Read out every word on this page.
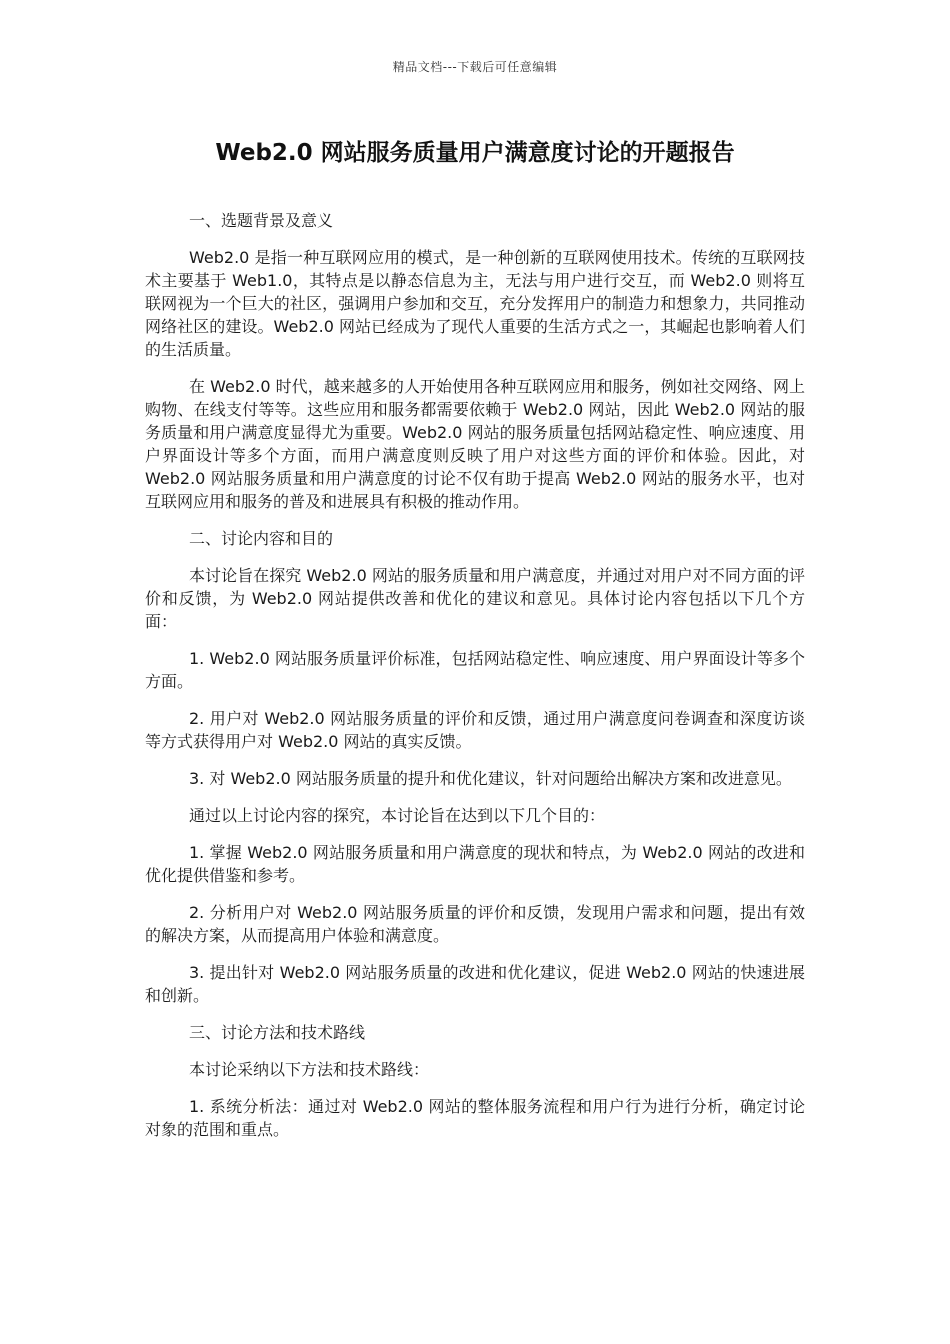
精品文档---下载后可任意编辑
Web2.0 网站服务质量用户满意度讨论的开题报告

一、选题背景及意义

Web2.0 是指一种互联网应用的模式，是一种创新的互联网使用技术。传统的互联网技术主要基于 Web1.0，其特点是以静态信息为主，无法与用户进行交互，而 Web2.0 则将互联网视为一个巨大的社区，强调用户参加和交互，充分发挥用户的制造力和想象力，共同推动网络社区的建设。Web2.0 网站已经成为了现代人重要的生活方式之一，其崛起也影响着人们的生活质量。

在 Web2.0 时代，越来越多的人开始使用各种互联网应用和服务，例如社交网络、网上购物、在线支付等等。这些应用和服务都需要依赖于 Web2.0 网站，因此 Web2.0 网站的服务质量和用户满意度显得尤为重要。Web2.0 网站的服务质量包括网站稳定性、响应速度、用户界面设计等多个方面，而用户满意度则反映了用户对这些方面的评价和体验。因此，对 Web2.0 网站服务质量和用户满意度的讨论不仅有助于提高 Web2.0 网站的服务水平，也对互联网应用和服务的普及和进展具有积极的推动作用。

二、讨论内容和目的

本讨论旨在探究 Web2.0 网站的服务质量和用户满意度，并通过对用户对不同方面的评价和反馈，为 Web2.0 网站提供改善和优化的建议和意见。具体讨论内容包括以下几个方面：

1. Web2.0 网站服务质量评价标准，包括网站稳定性、响应速度、用户界面设计等多个方面。

2. 用户对 Web2.0 网站服务质量的评价和反馈，通过用户满意度问卷调查和深度访谈等方式获得用户对 Web2.0 网站的真实反馈。

3. 对 Web2.0 网站服务质量的提升和优化建议，针对问题给出解决方案和改进意见。

通过以上讨论内容的探究，本讨论旨在达到以下几个目的：

1. 掌握 Web2.0 网站服务质量和用户满意度的现状和特点，为 Web2.0 网站的改进和优化提供借鉴和参考。

2. 分析用户对 Web2.0 网站服务质量的评价和反馈，发现用户需求和问题，提出有效的解决方案，从而提高用户体验和满意度。

3. 提出针对 Web2.0 网站服务质量的改进和优化建议，促进 Web2.0 网站的快速进展和创新。

三、讨论方法和技术路线

本讨论采纳以下方法和技术路线：

1. 系统分析法：通过对 Web2.0 网站的整体服务流程和用户行为进行分析，确定讨论对象的范围和重点。
